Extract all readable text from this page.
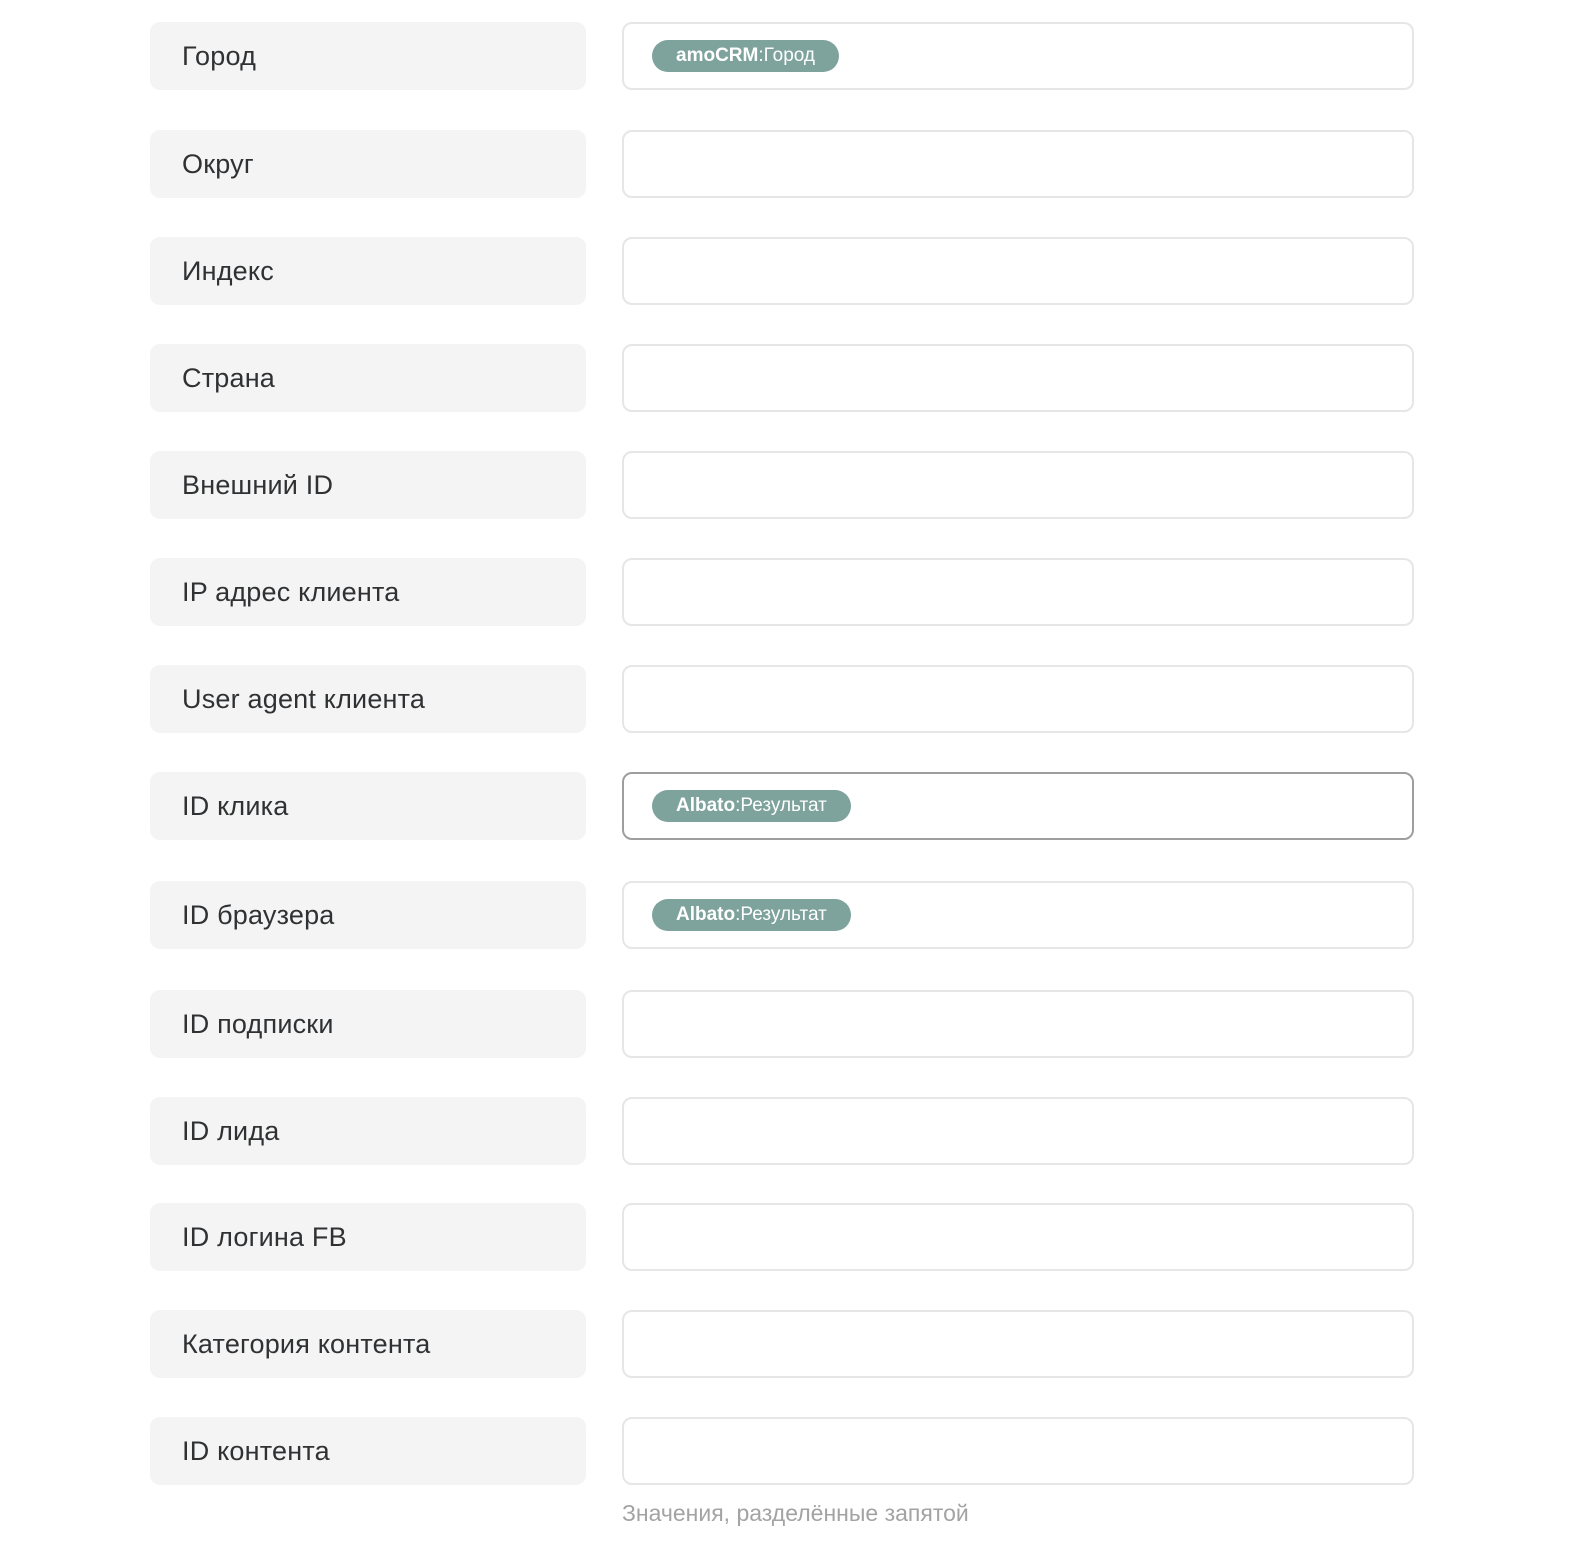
Город	amoCRM : Город
Округ
Индекс
Страна
Внешний ID
IP адрес клиента
User agent клиента
ID клика	Albato : Результат
ID браузера	Albato : Результат
ID подписки
ID лида
ID логина FB
Категория контента
ID контента
Значения, разделённые запятой
